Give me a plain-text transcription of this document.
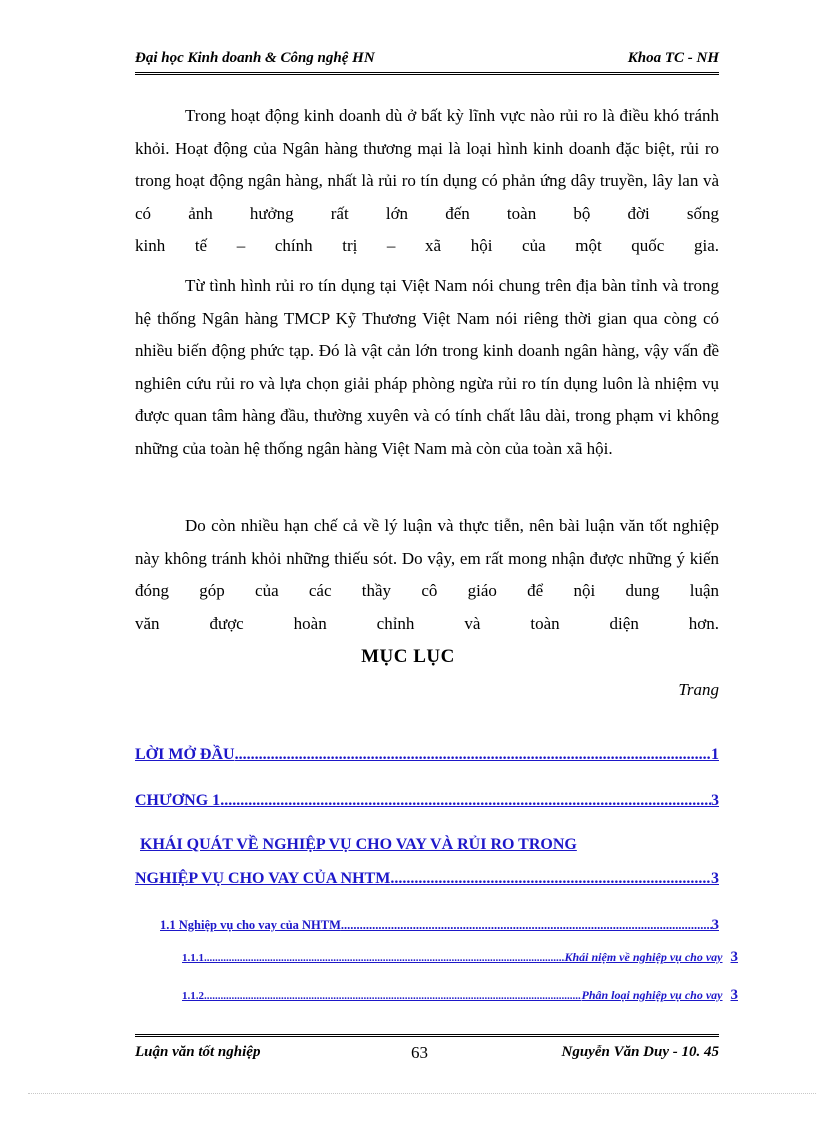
Đại học Kinh doanh & Công nghệ HN	Khoa TC - NH

Trong hoạt động kinh doanh dù ở bất kỳ lĩnh vực nào rủi ro là điều khó tránh khỏi. Hoạt động của Ngân hàng thương mại là loại hình kinh doanh đặc biệt, rủi ro trong hoạt động ngân hàng, nhất là rủi ro tín dụng có phản ứng dây truyền, lây lan và có ảnh hưởng rất lớn đến toàn bộ đời sống

kinh tế – chính trị – xã hội của một quốc gia.

Từ tình hình rủi ro tín dụng tại Việt Nam nói chung trên địa bàn tỉnh và trong hệ thống Ngân hàng TMCP Kỹ Thương Việt Nam nói riêng thời gian qua còng có nhiều biến động phức tạp. Đó là vật cản lớn trong kinh doanh ngân hàng, vậy vấn đề nghiên cứu rủi ro và lựa chọn giải pháp phòng ngừa rủi ro tín dụng luôn là nhiệm vụ được quan tâm hàng đầu, thường xuyên và có tính chất lâu dài, trong phạm vi không những của toàn hệ thống ngân hàng Việt Nam mà còn của toàn xã hội.

Do còn nhiều hạn chế cả về lý luận và thực tiễn, nên bài luận văn tốt nghiệp này không tránh khỏi những thiếu sót. Do vậy, em rất mong nhận được những ý kiến đóng góp của các thầy cô giáo để nội dung luận

văn được hoàn chỉnh và toàn diện hơn.

MỤC LỤC
Trang
LỜI MỞ ĐẦU .....	1
CHƯƠNG 1 .....	3
KHÁI QUÁT VỀ NGHIỆP VỤ CHO VAY VÀ RỦI RO TRONG
NGHIỆP VỤ CHO VAY CỦA NHTM .....	3
1.1 Nghiệp vụ cho vay của NHTM .....	3
1.1.1 .....	Khái niệm về nghiệp vụ cho vay 3
1.1.2 .....	Phân loại nghiệp vụ cho vay 3
Luận văn tốt nghiệp	63	Nguyễn Văn Duy - 10. 45
